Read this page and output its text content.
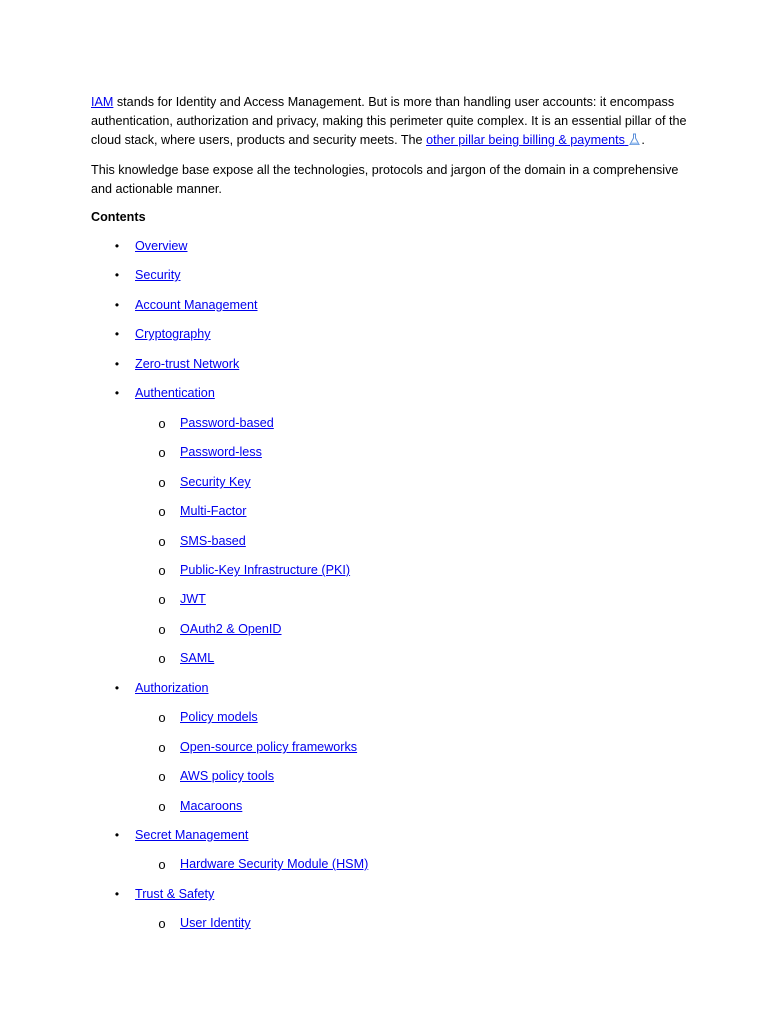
IAM stands for Identity and Access Management. But is more than handling user accounts: it encompass authentication, authorization and privacy, making this perimeter quite complex. It is an essential pillar of the cloud stack, where users, products and security meets. The other pillar being billing & payments .

This knowledge base expose all the technologies, protocols and jargon of the domain in a comprehensive and actionable manner.

Contents

•	Overview
•	Security
•	Account Management
•	Cryptography
•	Zero-trust Network
•	Authentication
o Password-based
o Password-less
o Security Key
o Multi-Factor
o SMS-based
o Public-Key Infrastructure (PKI)
o JWT
o OAuth2 & OpenID
o SAML
•	Authorization
o Policy models
o Open-source policy frameworks
o AWS policy tools
o Macaroons
•	Secret Management
o Hardware Security Module (HSM)
•	Trust & Safety
o User Identity
